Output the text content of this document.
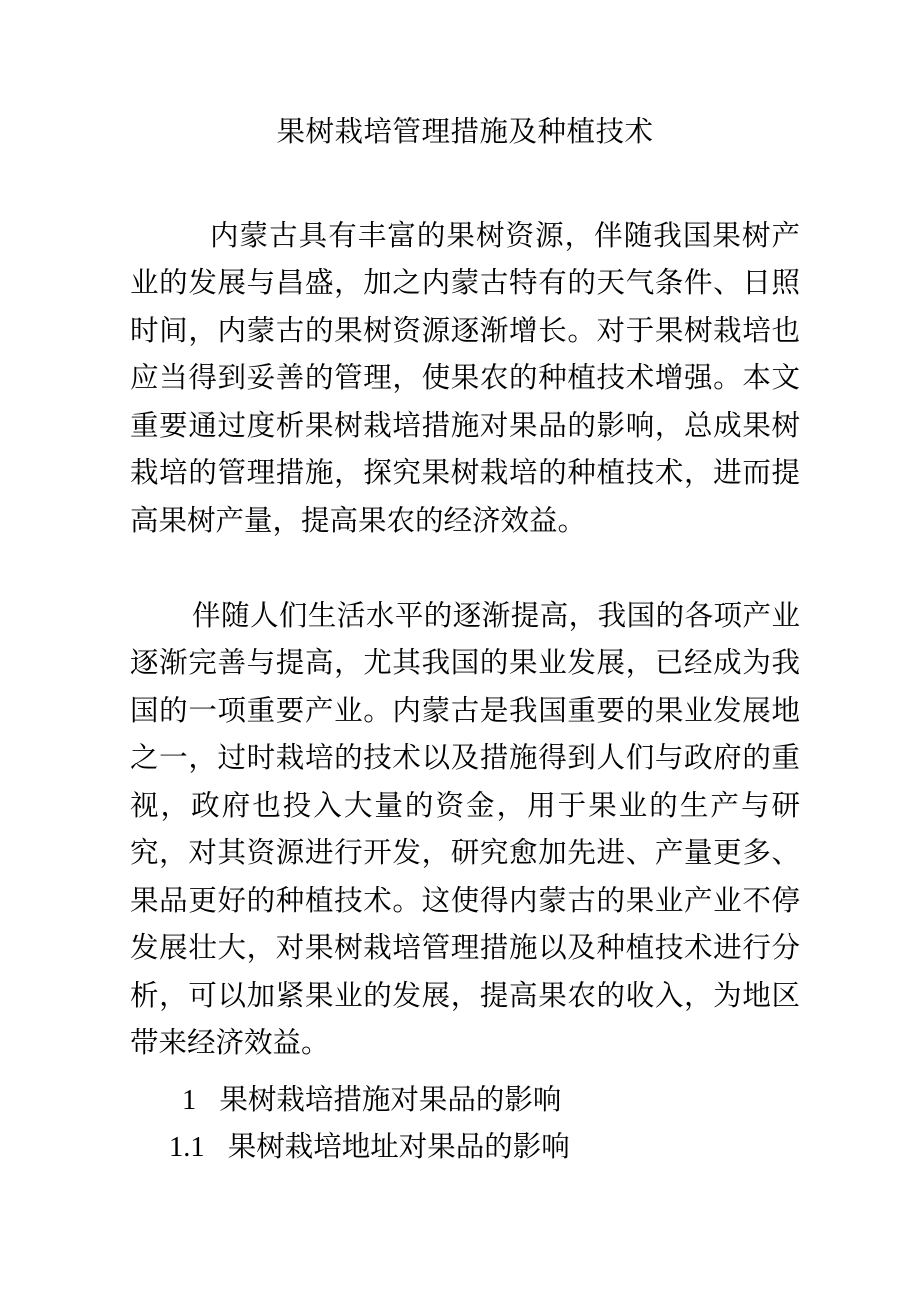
果树栽培管理措施及种植技术

内蒙古具有丰富的果树资源，伴随我国果树产业的发展与昌盛，加之内蒙古特有的天气条件、日照时间，内蒙古的果树资源逐渐增长。对于果树栽培也应当得到妥善的管理，使果农的种植技术增强。本文重要通过度析果树栽培措施对果品的影响，总成果树栽培的管理措施，探究果树栽培的种植技术，进而提高果树产量，提高果农的经济效益。

伴随人们生活水平的逐渐提高，我国的各项产业逐渐完善与提高，尤其我国的果业发展，已经成为我国的一项重要产业。内蒙古是我国重要的果业发展地之一，过时栽培的技术以及措施得到人们与政府的重视，政府也投入大量的资金，用于果业的生产与研究，对其资源进行开发，研究愈加先进、产量更多、果品更好的种植技术。这使得内蒙古的果业产业不停发展壮大，对果树栽培管理措施以及种植技术进行分析，可以加紧果业的发展，提高果农的收入，为地区带来经济效益。

1 果树栽培措施对果品的影响
1.1 果树栽培地址对果品的影响
